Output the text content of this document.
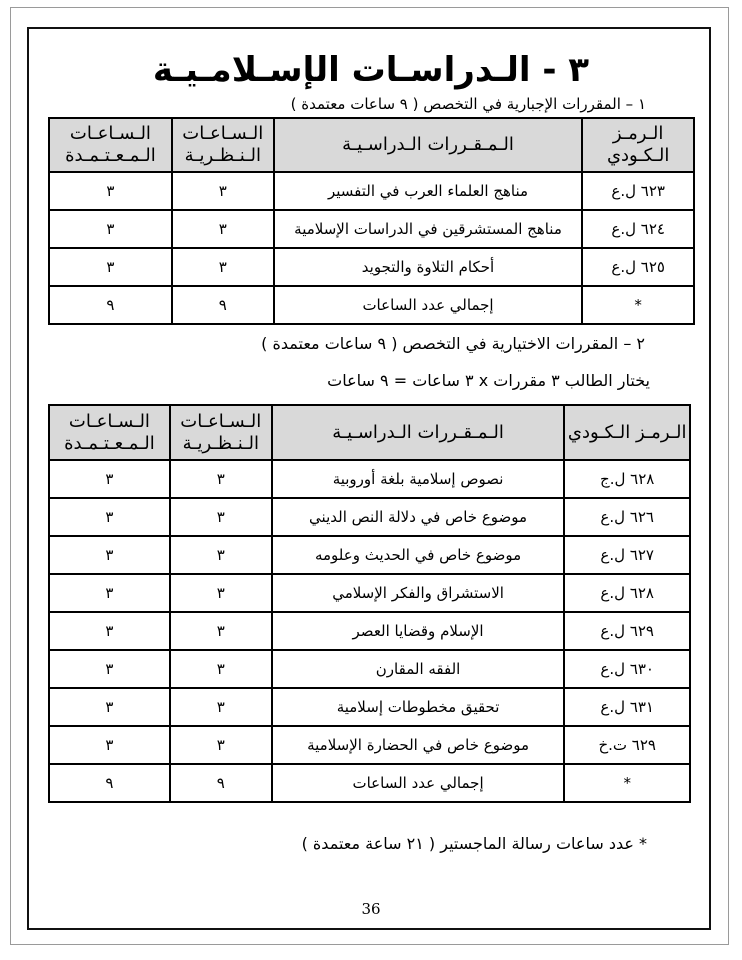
٣ - الـدراسـات الإسـلامـيـة
١ – المقررات الإجبارية في التخصص ( ٩ ساعات معتمدة )
الـرمـز الـكـودي	الـمـقـررات الـدراسـيـة	الـسـاعـات الـنـظـريـة	الـسـاعـات الـمـعـتـمـدة
٦٢٣ ل.ع	مناهج العلماء العرب في التفسير	٣	٣
٦٢٤ ل.ع	مناهج المستشرقين في الدراسات الإسلامية	٣	٣
٦٢٥ ل.ع	أحكام التلاوة والتجويد	٣	٣
*	إجمالي عدد الساعات	٩	٩
٢ – المقررات الاختيارية في التخصص ( ٩ ساعات معتمدة )
يختار الطالب ٣ مقررات x ٣ ساعات = ٩ ساعات
الـرمـز الـكـودي	الـمـقـررات الـدراسـيـة	الـسـاعـات الـنـظـريـة	الـسـاعـات الـمـعـتـمـدة
٦٢٨ ل.ج	نصوص إسلامية بلغة أوروبية	٣	٣
٦٢٦ ل.ع	موضوع خاص في دلالة النص الديني	٣	٣
٦٢٧ ل.ع	موضوع خاص في الحديث وعلومه	٣	٣
٦٢٨ ل.ع	الاستشراق والفكر الإسلامي	٣	٣
٦٢٩ ل.ع	الإسلام وقضايا العصر	٣	٣
٦٣٠ ل.ع	الفقه المقارن	٣	٣
٦٣١ ل.ع	تحقيق مخطوطات إسلامية	٣	٣
٦٢٩ ت.خ	موضوع خاص في الحضارة الإسلامية	٣	٣
*	إجمالي عدد الساعات	٩	٩
* عدد ساعات رسالة الماجستير ( ٢١ ساعة معتمدة )
36
